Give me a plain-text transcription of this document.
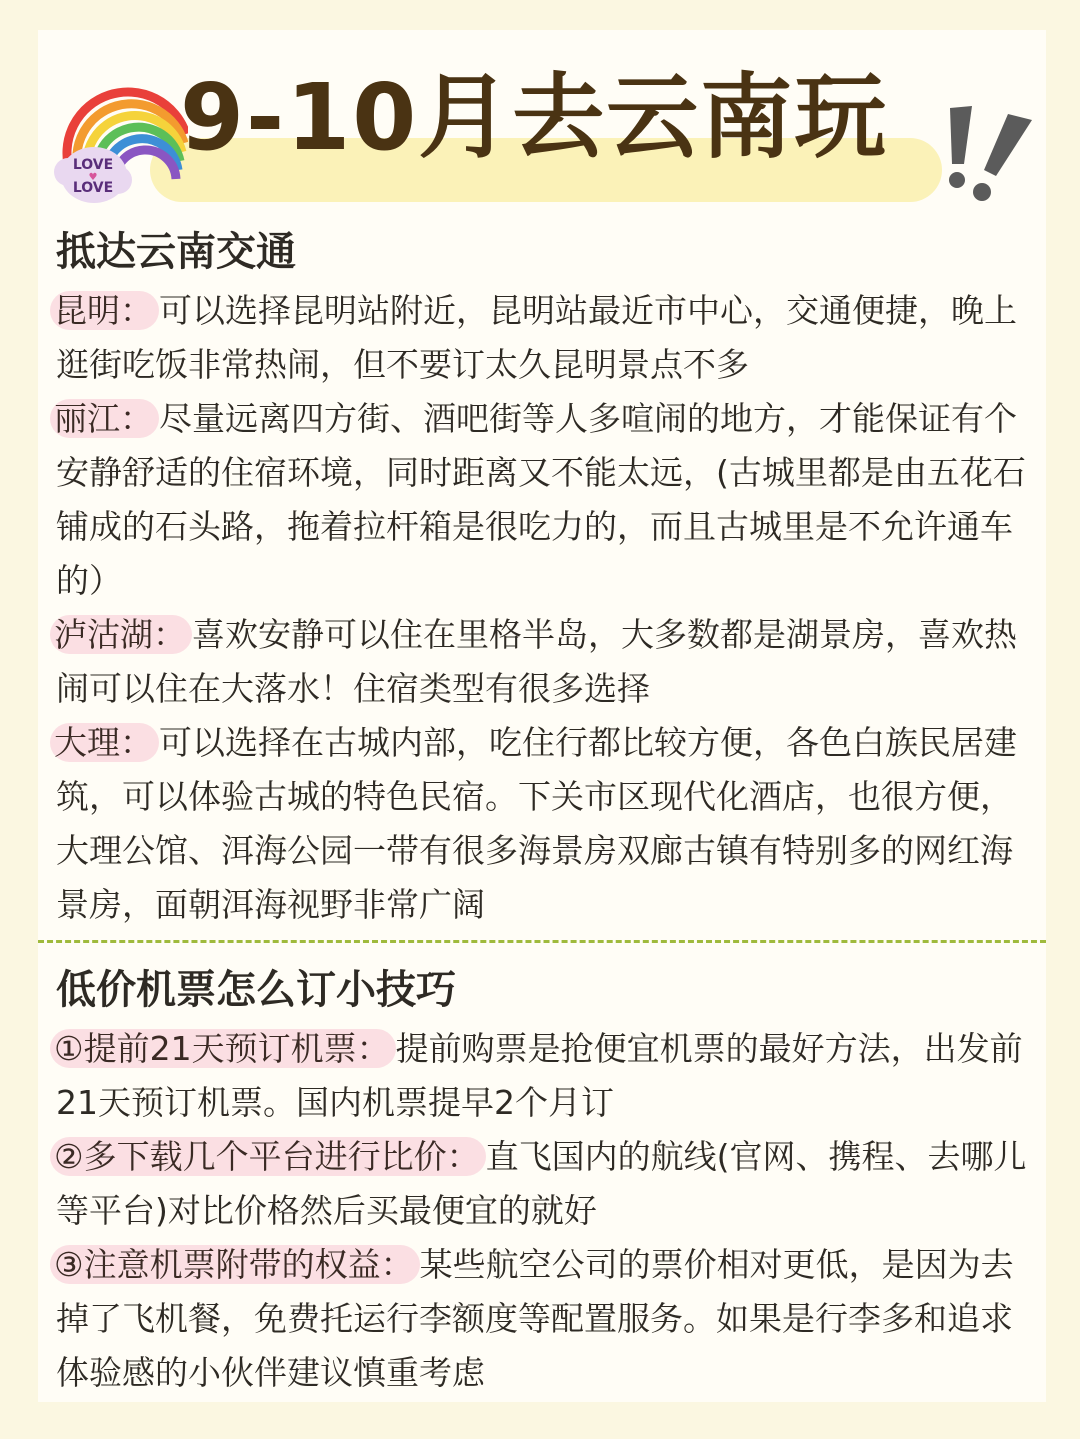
LOVE
♥
LOVE
9-10月去云南玩
抵达云南交通
昆明： 可以选择昆明站附近，昆明站最近市中心，交通便捷，晚上逛街吃饭非常热闹，但不要订太久昆明景点不多
丽江： 尽量远离四方街、酒吧街等人多喧闹的地方，才能保证有个安静舒适的住宿环境，同时距离又不能太远，(古城里都是由五花石铺成的石头路，拖着拉杆箱是很吃力的，而且古城里是不允许通车的）
泸沽湖： 喜欢安静可以住在里格半岛，大多数都是湖景房，喜欢热闹可以住在大落水！住宿类型有很多选择
大理： 可以选择在古城内部，吃住行都比较方便，各色白族民居建筑，可以体验古城的特色民宿。下关市区现代化酒店，也很方便，大理公馆、洱海公园一带有很多海景房双廊古镇有特别多的网红海景房，面朝洱海视野非常广阔
低价机票怎么订小技巧
①提前21天预订机票： 提前购票是抢便宜机票的最好方法，出发前21天预订机票。国内机票提早2个月订
②多下载几个平台进行比价： 直飞国内的航线(官网、携程、去哪儿等平台)对比价格然后买最便宜的就好
③注意机票附带的权益： 某些航空公司的票价相对更低，是因为去掉了飞机餐，免费托运行李额度等配置服务。如果是行李多和追求体验感的小伙伴建议慎重考虑
